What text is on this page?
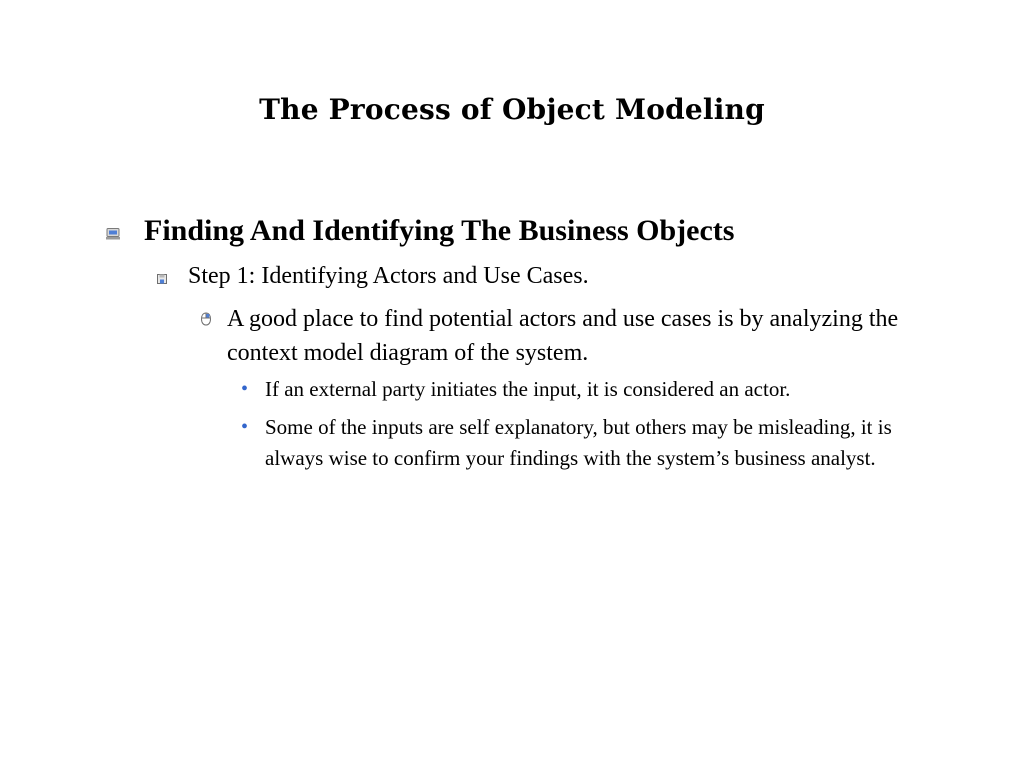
The Process of Object Modeling
Finding And Identifying The Business Objects
Step 1: Identifying Actors and Use Cases.
A good place to find potential actors and use cases is by analyzing the context model diagram of the system.
• If an external party initiates the input, it is considered an actor.
• Some of the inputs are self explanatory, but others may be misleading, it is always wise to confirm your findings with the system’s business analyst.
